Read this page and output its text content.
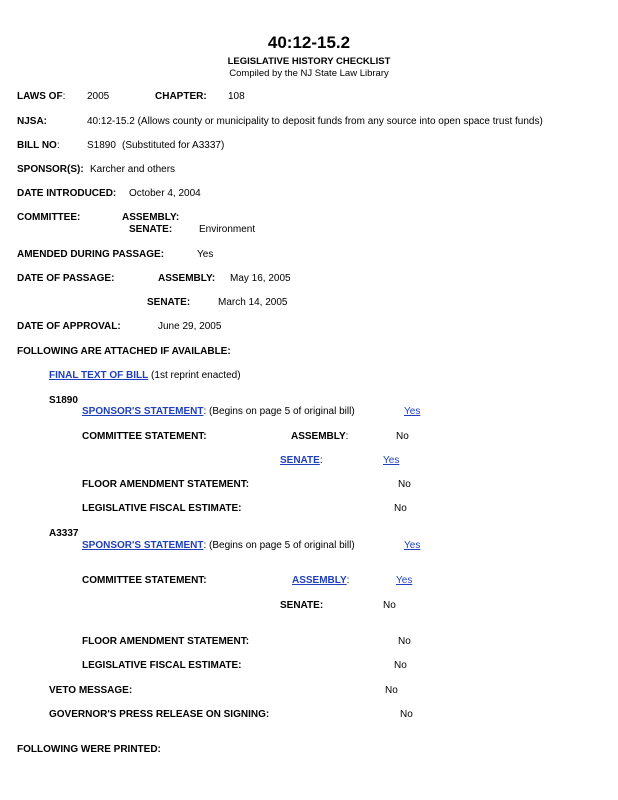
40:12-15.2
LEGISLATIVE HISTORY CHECKLIST
Compiled by the NJ State Law Library
LAWS OF: 2005	CHAPTER: 108
NJSA:	40:12-15.2 (Allows county or municipality to deposit funds from any source into open space trust funds)
BILL NO:	S1890 (Substituted for A3337)
SPONSOR(S): Karcher and others
DATE INTRODUCED: October 4, 2004
COMMITTEE:	ASSEMBLY:
SENATE:	Environment
AMENDED DURING PASSAGE:	Yes
DATE OF PASSAGE:	ASSEMBLY: May 16, 2005
SENATE:	March 14, 2005
DATE OF APPROVAL:	June 29, 2005
FOLLOWING ARE ATTACHED IF AVAILABLE:
FINAL TEXT OF BILL (1st reprint enacted)
S1890
SPONSOR'S STATEMENT: (Begins on page 5 of original bill)	Yes
COMMITTEE STATEMENT:	ASSEMBLY:	No
SENATE:	Yes
FLOOR AMENDMENT STATEMENT:	No
LEGISLATIVE FISCAL ESTIMATE:	No
A3337
SPONSOR'S STATEMENT: (Begins on page 5 of original bill)	Yes
COMMITTEE STATEMENT:	ASSEMBLY:	Yes
SENATE:	No
FLOOR AMENDMENT STATEMENT:	No
LEGISLATIVE FISCAL ESTIMATE:	No
VETO MESSAGE:	No
GOVERNOR'S PRESS RELEASE ON SIGNING:	No
FOLLOWING WERE PRINTED:
